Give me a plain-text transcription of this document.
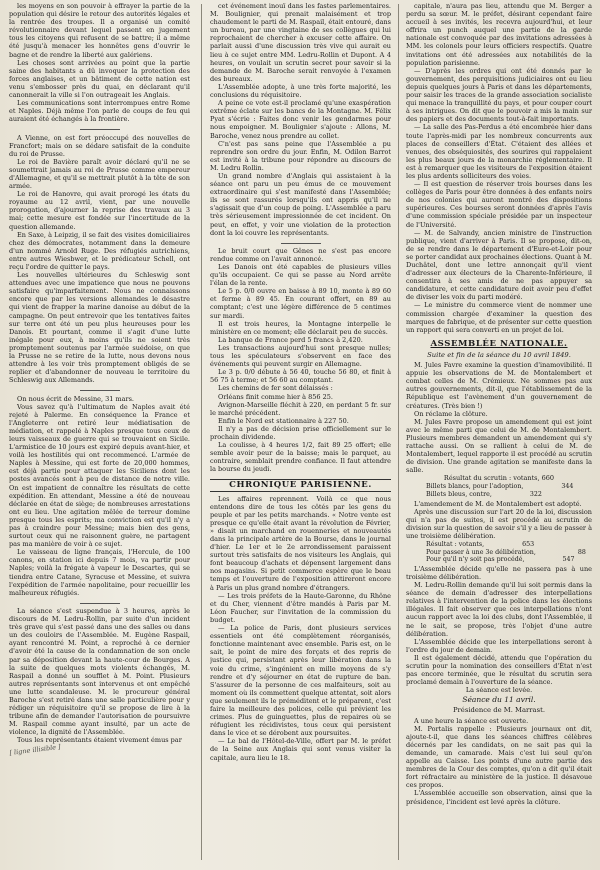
les moyens en son pouvoir à effrayer la partie de la population qui désire le retour des autorités légales et la rentrée des troupes. Il a organisé un comité révolutionnaire devant lequel passent en jugement tous les citoyens qui refusent de se battre; il a même été jusqu'à menacer les honnêtes gens d'ouvrir le bagne et de rendre la liberté aux galériens.

Les choses sont arrivées au point que la partie saine des habitants a dû invoquer la protection des forces anglaises, et un bâtiment de cette nation est venu s'embosser près du quai, en déclarant qu'il canonnerait la ville si l'on outrageait les Anglais.

Les communications sont interrompues entre Rome et Naples. Déjà même l'on parle de coups de feu qui auraient été échangés à la frontière.

A Vienne, on est fort préoccupé des nouvelles de Francfort; mais on se dédare satisfait de la conduite du roi de Prusse.

Le roi de Bavière paraît avoir déclaré qu'il ne se soumettrait jamais au roi de Prusse comme empereur d'Allemagne, et qu'il se mettrait plutôt à la tête de son armée.

Le roi de Hanovre, qui avait prorogé les états du royaume au 12 avril, vient, par une nouvelle prorogation, d'ajourner la reprise des travaux au 3 mai; cette mesure est fondée sur l'incertitude de la question allemande.

En Saxe, à Leipzig, il se fait des visites domiciliaires chez des démocrates, notamment dans la demeure d'un nommé Arnold Ruge. Des réfugiés autrichiens, entre autres Wiesbwer, et le prédicateur Schell, ont reçu l'ordre de quitter le pays.

Les nouvelles ultérieures du Schleswig sont attendues avec une impatience que nous ne pouvons satisfaire qu'imparfaitement. Nous ne connaissons encore que par les versions allemandes le désastre qui vient de frapper la marine danoise au début de la campagne. On peut entrevoir que les tentatives faites sur terre ont été un peu plus heureuses pour les Danois. Et pourtant, comme il s'agit d'une lutte inégale pour eux, à moins qu'ils ne soient très promptement soutenus par l'armée suédoise, on que la Prusse ne se retire de la lutte, nous devons nous attendre à les voir très promptement obligés de se replier et d'abandonner de nouveau le territoire du Schleswig aux Allemands.

On nous écrit de Messine, 31 mars.

Vous savez qu'à l'ultimatum de Naples avait été rejeté à Palerme. En conséquence la France et l'Angleterre ont retiré leur médiatisation de médiation, et rappelé à Naples presque tous ceux de leurs vaisseaux de guerre qui se trouvaient en Sicile. L'armistice de 10 jours est expiré depuis avant-hier, et voilà les hostilités qui ont recommencé. L'armée de Naples à Messine, qui est forte de 20,000 hommes, est déjà partie pour attaquer les Siciliens dont les postes avancés sont à peu de distance de notre ville. On est impatient de connaître les résultats de cette expédition. En attendant, Messine a été de nouveau déclarée en état de siège; de nombreuses arrestations ont eu lieu. Une agitation mêlée de terreur domine presque tous les esprits; ma conviction est qu'il n'y a pas à craindre pour Messine; mais bien des gens, surtout ceux qui ne raisonnent guère, ne partagent pas ma manière de voir à ce sujet.

Le vaisseau de ligne français, l'Hercule, de 100 canons, en station ici depuis 7 mois, va partir pour Naples; voilà la frégate à vapeur le Descartes, qui se tiendra entre Catane, Syracuse et Messine, et suivra l'expédition de l'armée napolitaine, pour recueillir les malheureux réfugiés.

La séance s'est suspendue à 3 heures, après le discours de M. Ledru-Rollin, par suite d'un incident très grave qui s'est passé dans une des salles ou dans un des couloirs de l'Assemblée. M. Eugène Raspail, ayant rencontré M. Point, a reproché à ce dernier d'avoir été la cause de la condamnation de son oncle par sa déposition devant la haute-cour de Bourges. A la suite de quelques mots violents échangés, M. Raspail a donné un soufflet à M. Point. Plusieurs autres représentants sont intervenus et ont empêché une lutte scandaleuse. M. le procureur général Baroche s'est retiré dans une salle particulière pour y rédiger un réquisitoire qu'il se propose de lire à la tribune afin de demander l'autorisation de poursuivre M. Raspail comme ayant insulté, par un acte de violence, la dignité de l'Assemblée.

Tous les représentants étaient vivement émus par

[ ligne illisible ]

cet événement inouï dans les fastes parlementaires. M. Boulignier, qui prenait malaisément et trop chaudement le parti de M. Raspail, était entouré, dans un bureau, par une vingtaine de ses collègues qui lui reprochaient de chercher à excuser cette affaire. On parlait aussi d'une discussion très vive qui aurait eu lieu à ce sujet entre MM. Ledru-Rollin et Dupont. A 4 heures, on voulait un scrutin secret pour savoir si la demande de M. Baroche serait renvoyée à l'examen des bureaux.

L'Assemblée adopte, à une très forte majorité, les conclusions du réquisitoire.

A peine ce vote est-il proclamé qu'une exaspération extrême éclate sur les bancs de la Montagne. M. Félix Pyat s'écrie : Faites donc venir les gendarmes pour nous empoigner. M. Boulignier s'ajoute : Allons, M. Baroche, venez nous prendre au collet.

C'n'est pas sans peine que l'Assemblée a pu reprendre son ordre du jour. Enfin, M. Odilon Barrot est invité à la tribune pour répondre au discours de M. Ledru Rollin.

Un grand nombre d'Anglais qui assistaient à la séance ont paru un peu émus de ce mouvement extraordinaire qui s'est manifesté dans l'Assemblée; ils se sont rassurés lorsqu'ils ont appris qu'il ne s'agissait que d'un coup de poing. L'Assemblée a paru très sérieusement impressionnée de cet incident. On peut, en effet, y voir une violation de la protection dont la loi couvre les représentants.

Le bruit court que Gênes ne s'est pas encore rendue comme on l'avait annoncé.

Les Danois ont été capables de plusieurs villes qu'ils occupaient. Ce qui se passe au Nord arrête l'élan de la rente.

Le 5 p. 0/0 ouvre en baisse à 89 10, monte à 89 60 et ferme à 89 45. En courant offert, en 89 au comptant; c'est une légère différence de 5 centimes sur mardi.

Il est trois heures, la Montagne interpelle le ministère en ce moment; elle déclarait peu de succès.

La banque de France perd 5 francs à 2,420.

Les transactions aujourd'hui sont presque nulles; tous les spéculateurs s'observent en face des événements qui peuvent surgir en Allemagne.

Le 3 p. 0/0 débute à 56 40, touche 56 80, et finit à 56 75 à terme; et 56 60 au comptant.

Les chemins de fer sont délaissés :

Orléans finit comme hier à 856 25.

Avignon-Marseille fléchit à 220, en perdant 5 fr. sur le marché précédent.

Enfin le Nord est stationnaire à 227 50.

Il n'y a pas de décision prise officiellement sur le prochain dividende.

La coulisse, à 4 heures 1/2, fait 89 25 offert; elle semble avoir peur de la baisse; mais le parquet, au contraire, semblait prendre confiance. Il faut attendre la bourse du jeudi.

CHRONIQUE PARISIENNE.

Les affaires reprennent. Voilà ce que nous entendons dire de tous les côtés par les gens du peuple et par les petits marchands. « Notre vente est presque ce qu'elle était avant la révolution de Février, » disait un marchand en rouenneries et nouveautés dans la principale artère de la Bourse, dans le journal d'hier. Le 1er et le 2e arrondissement paraissent surtout très satisfaits de nos visiteurs les Anglais, qui font beaucoup d'achats et dépensent largement dans nos magasins. Si petit commerce espère que le beau temps et l'ouverture de l'exposition attireront encore à Paris un plus grand nombre d'étrangers.

— Les trois préfets de la Haute-Garonne, du Rhône et du Cher, viennent d'être mandés à Paris par M. Léon Faucher, sur l'invitation de la commission du budget.

— La police de Paris, dont plusieurs services essentiels ont été complètement réorganisés, fonctionne maintenant avec ensemble. Paris est, on le sait, le point de mire des forçats et des repris de justice qui, persistant après leur libération dans la voie du crime, s'ingénient en mille moyens de s'y rendre et d'y séjourner en état de rupture de ban. S'assurer de la personne de ces malfaiteurs, soit au moment où ils commettent quelque attentat, soit alors que seulement ils le préméditent et le préparent, c'est faire la meilleure des polices, celle qui prévient les crimes. Plus de guinguettes, plus de repaires où se réfugient les récidivistes, tous ceux qui persistent dans le vice et se dérobent aux poursuites.

— Le bal de l'Hôtel-de-Ville, offert par M. le préfet de la Seine aux Anglais qui sont venus visiter la capitale, aura lieu le 18.

capitale, n'aura pas lieu, attendu que M. Berger a perdu sa sœur. M. le préfet, désirant cependant faire accueil à ses invités, les recevra aujourd'hui, et leur offrira un punch auquel une partie de la garde nationale est convoquée par des invitations adressées à MM. les colonels pour leurs officiers respectifs. Quatre invitations ont été adressées aux notabilités de la population parisienne.

— D'après les ordres qui ont été donnés par le gouvernement, des perquisitions judiciaires ont eu lieu depuis quelques jours à Paris et dans les départements, pour saisir les traces de la grande association socialiste qui menace la tranquillité du pays, et pour couper court à ses intrigues. On dit que le pouvoir a mis la main sur des papiers et des documents tout-à-fait importants.

— La salle des Pas-Perdus a été encombrée hier dans toute l'après-midi par les nombreux concurrents aux places de conseillers d'État. C'étaient des allées et venues, des obséquiosités, des sourires qui rappelaient les plus beaux jours de la monarchie réglementaire. Il est à remarquer que les visiteurs de l'exposition étaient les plus ardents solliciteurs des voies.

— Il est question de réserver trois bourses dans les collèges de Paris pour être données à des enfants noirs de nos colonies qui auront montré des dispositions supérieures. Ces bourses seront données d'après l'avis d'une commission spéciale présidée par un inspecteur de l'Université.

— M. de Salvandy, ancien ministre de l'instruction publique, vient d'arriver à Paris. Il se propose, dit-on, de se rendre dans le département d'Eure-et-Loir pour se porter candidat aux prochaines élections. Quant à M. Duchâtel, dont une lettre annonçait qu'il vient d'adresser aux électeurs de la Charente-Inférieure, il consentira à ses amis de ne pas appuyer sa candidature, et cette candidature doit avoir peu d'effet de diviser les voix du parti modéré.

— Le ministre du commerce vient de nommer une commission chargée d'examiner la question des marques de fabrique, et de présenter sur cette question un rapport qui sera converti en un projet de loi.

ASSEMBLÉE NATIONALE.
Suite et fin de la séance du 10 avril 1849.

M. Jules Favre examine la question d'inamovibilité. Il appuie les observations de M. de Montalembert et combat celles de M. Crémieux. Ne sommes pas aux autres gouvernements, dit-il, que l'établissement de la République est l'avènement d'un gouvernement de créatures. (Très bien !)

On réclame la clôture.

M. Jules Favre propose un amendement qui est joint avec le même parti que celui de M. de Montalembert. Plusieurs membres demandent un amendement qui s'y rattache aussi. On se rallient à celui de M. de Montalembert, lequel rapporte il est procédé au scrutin de division. Une grande agitation se manifeste dans la salle.

Résultat du scrutin : votants, 660
Billets blancs, pour l'adoption,	344
Billets bleus, contre,	322

L'amendement de M. de Montalembert est adopté.

Après une discussion sur l'art 20 de la loi, discussion qui n'a pas de suites, il est procédé au scrutin de division sur la question de savoir s'il y a lieu de passer à une troisième délibération.

Résultat : votants,	653
Pour passer à une 3e délibération,	88
Pour qu'il n'y soit pas procédé,	547

L'Assemblée décide qu'elle ne passera pas à une troisième délibération.

M. Ledru-Rollin demande qu'il lui soit permis dans la séance de demain d'adresser des interpellations relatives à l'intervention de la police dans les élections illégales. Il fait observer que ces interpellations n'ont aucun rapport avec la loi des clubs, dont l'Assemblée, il ne le sait, se propose, très l'objet d'une autre délibération.

L'Assemblée décide que les interpellations seront à l'ordre du jour de demain.

Il est également décidé, attendu que l'opération du scrutin pour la nomination des conseillers d'État n'est pas encore terminée, que le résultat du scrutin sera proclamé demain à l'ouverture de la séance.

La séance est levée.

Séance du 11 avril.
Présidence de M. Marrast.

A une heure la séance est ouverte.

M. Portalis rappelle : Plusieurs journaux ont dit, ajoute-t-il, que dans les séances chiffres célèbres décernés par les candidats, on ne sait pas qui la demande, un camarade. Mais c'est lui seul qu'on appelle au Caisse. Les points d'une autre partie des membres de la Cour des comptes, qu'on a dit qu'il était fort réfractaire au ministère de la justice. Il désavoue ces propos.

L'Assemblée accueille son observation, ainsi que la présidence, l'incident est levé après la clôture.
